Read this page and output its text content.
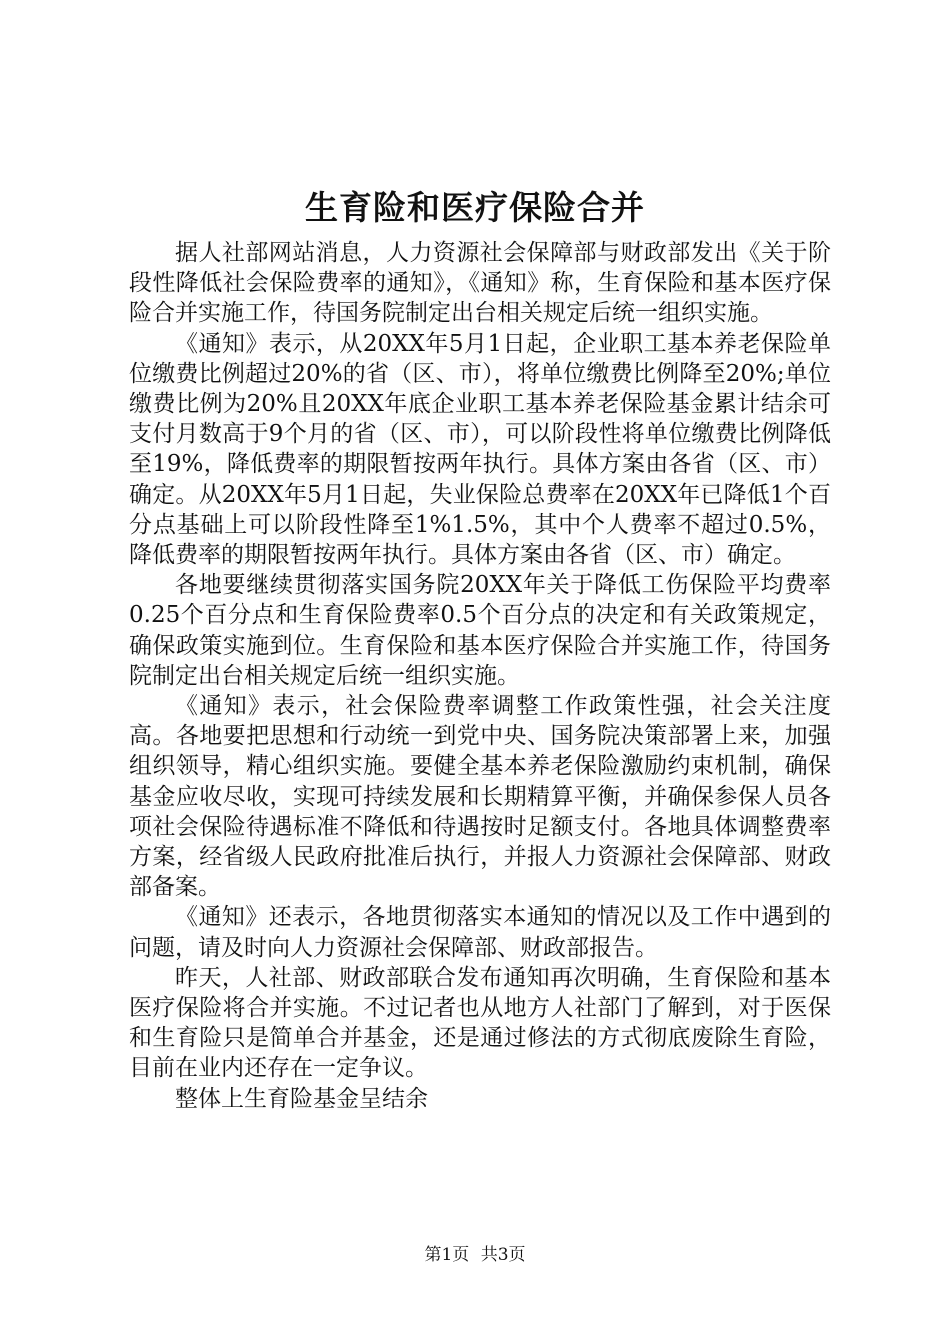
生育险和医疗保险合并

据人社部网站消息，人力资源社会保障部与财政部发出《关于阶段性降低社会保险费率的通知》，《通知》称，生育保险和基本医疗保险合并实施工作，待国务院制定出台相关规定后统一组织实施。

《通知》表示，从20XX年5月1日起，企业职工基本养老保险单位缴费比例超过20%的省（区、市），将单位缴费比例降至20%;单位缴费比例为20%且20XX年底企业职工基本养老保险基金累计结余可支付月数高于9个月的省（区、市），可以阶段性将单位缴费比例降低至19%，降低费率的期限暂按两年执行。具体方案由各省（区、市）确定。从20XX年5月1日起，失业保险总费率在20XX年已降低1个百分点基础上可以阶段性降至1%1.5%，其中个人费率不超过0.5%，降低费率的期限暂按两年执行。具体方案由各省（区、市）确定。

各地要继续贯彻落实国务院20XX年关于降低工伤保险平均费率0.25个百分点和生育保险费率0.5个百分点的决定和有关政策规定，确保政策实施到位。生育保险和基本医疗保险合并实施工作，待国务院制定出台相关规定后统一组织实施。

《通知》表示，社会保险费率调整工作政策性强，社会关注度高。各地要把思想和行动统一到党中央、国务院决策部署上来，加强组织领导，精心组织实施。要健全基本养老保险激励约束机制，确保基金应收尽收，实现可持续发展和长期精算平衡，并确保参保人员各项社会保险待遇标准不降低和待遇按时足额支付。各地具体调整费率方案，经省级人民政府批准后执行，并报人力资源社会保障部、财政部备案。

《通知》还表示，各地贯彻落实本通知的情况以及工作中遇到的问题，请及时向人力资源社会保障部、财政部报告。

昨天，人社部、财政部联合发布通知再次明确，生育保险和基本医疗保险将合并实施。不过记者也从地方人社部门了解到，对于医保和生育险只是简单合并基金，还是通过修法的方式彻底废除生育险，目前在业内还存在一定争议。

整体上生育险基金呈结余

第1页 共3页
